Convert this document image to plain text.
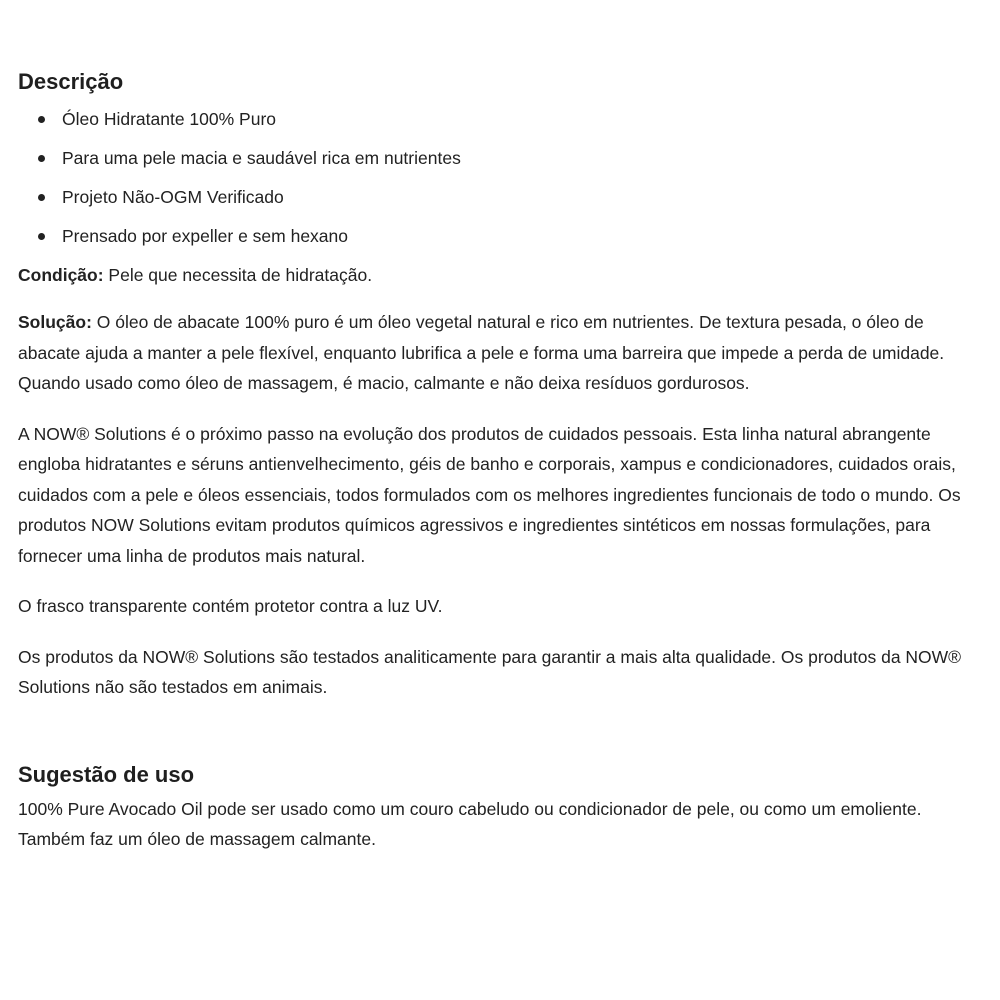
Descrição
Óleo Hidratante 100% Puro
Para uma pele macia e saudável rica em nutrientes
Projeto Não-OGM Verificado
Prensado por expeller e sem hexano

Condição: Pele que necessita de hidratação.

Solução: O óleo de abacate 100% puro é um óleo vegetal natural e rico em nutrientes. De textura pesada, o óleo de abacate ajuda a manter a pele flexível, enquanto lubrifica a pele e forma uma barreira que impede a perda de umidade. Quando usado como óleo de massagem, é macio, calmante e não deixa resíduos gordurosos.

A NOW® Solutions é o próximo passo na evolução dos produtos de cuidados pessoais. Esta linha natural abrangente engloba hidratantes e séruns antienvelhecimento, géis de banho e corporais, xampus e condicionadores, cuidados orais, cuidados com a pele e óleos essenciais, todos formulados com os melhores ingredientes funcionais de todo o mundo. Os produtos NOW Solutions evitam produtos químicos agressivos e ingredientes sintéticos em nossas formulações, para fornecer uma linha de produtos mais natural.

O frasco transparente contém protetor contra a luz UV.

Os produtos da NOW® Solutions são testados analiticamente para garantir a mais alta qualidade. Os produtos da NOW® Solutions não são testados em animais.

Sugestão de uso

100% Pure Avocado Oil pode ser usado como um couro cabeludo ou condicionador de pele, ou como um emoliente. Também faz um óleo de massagem calmante.
